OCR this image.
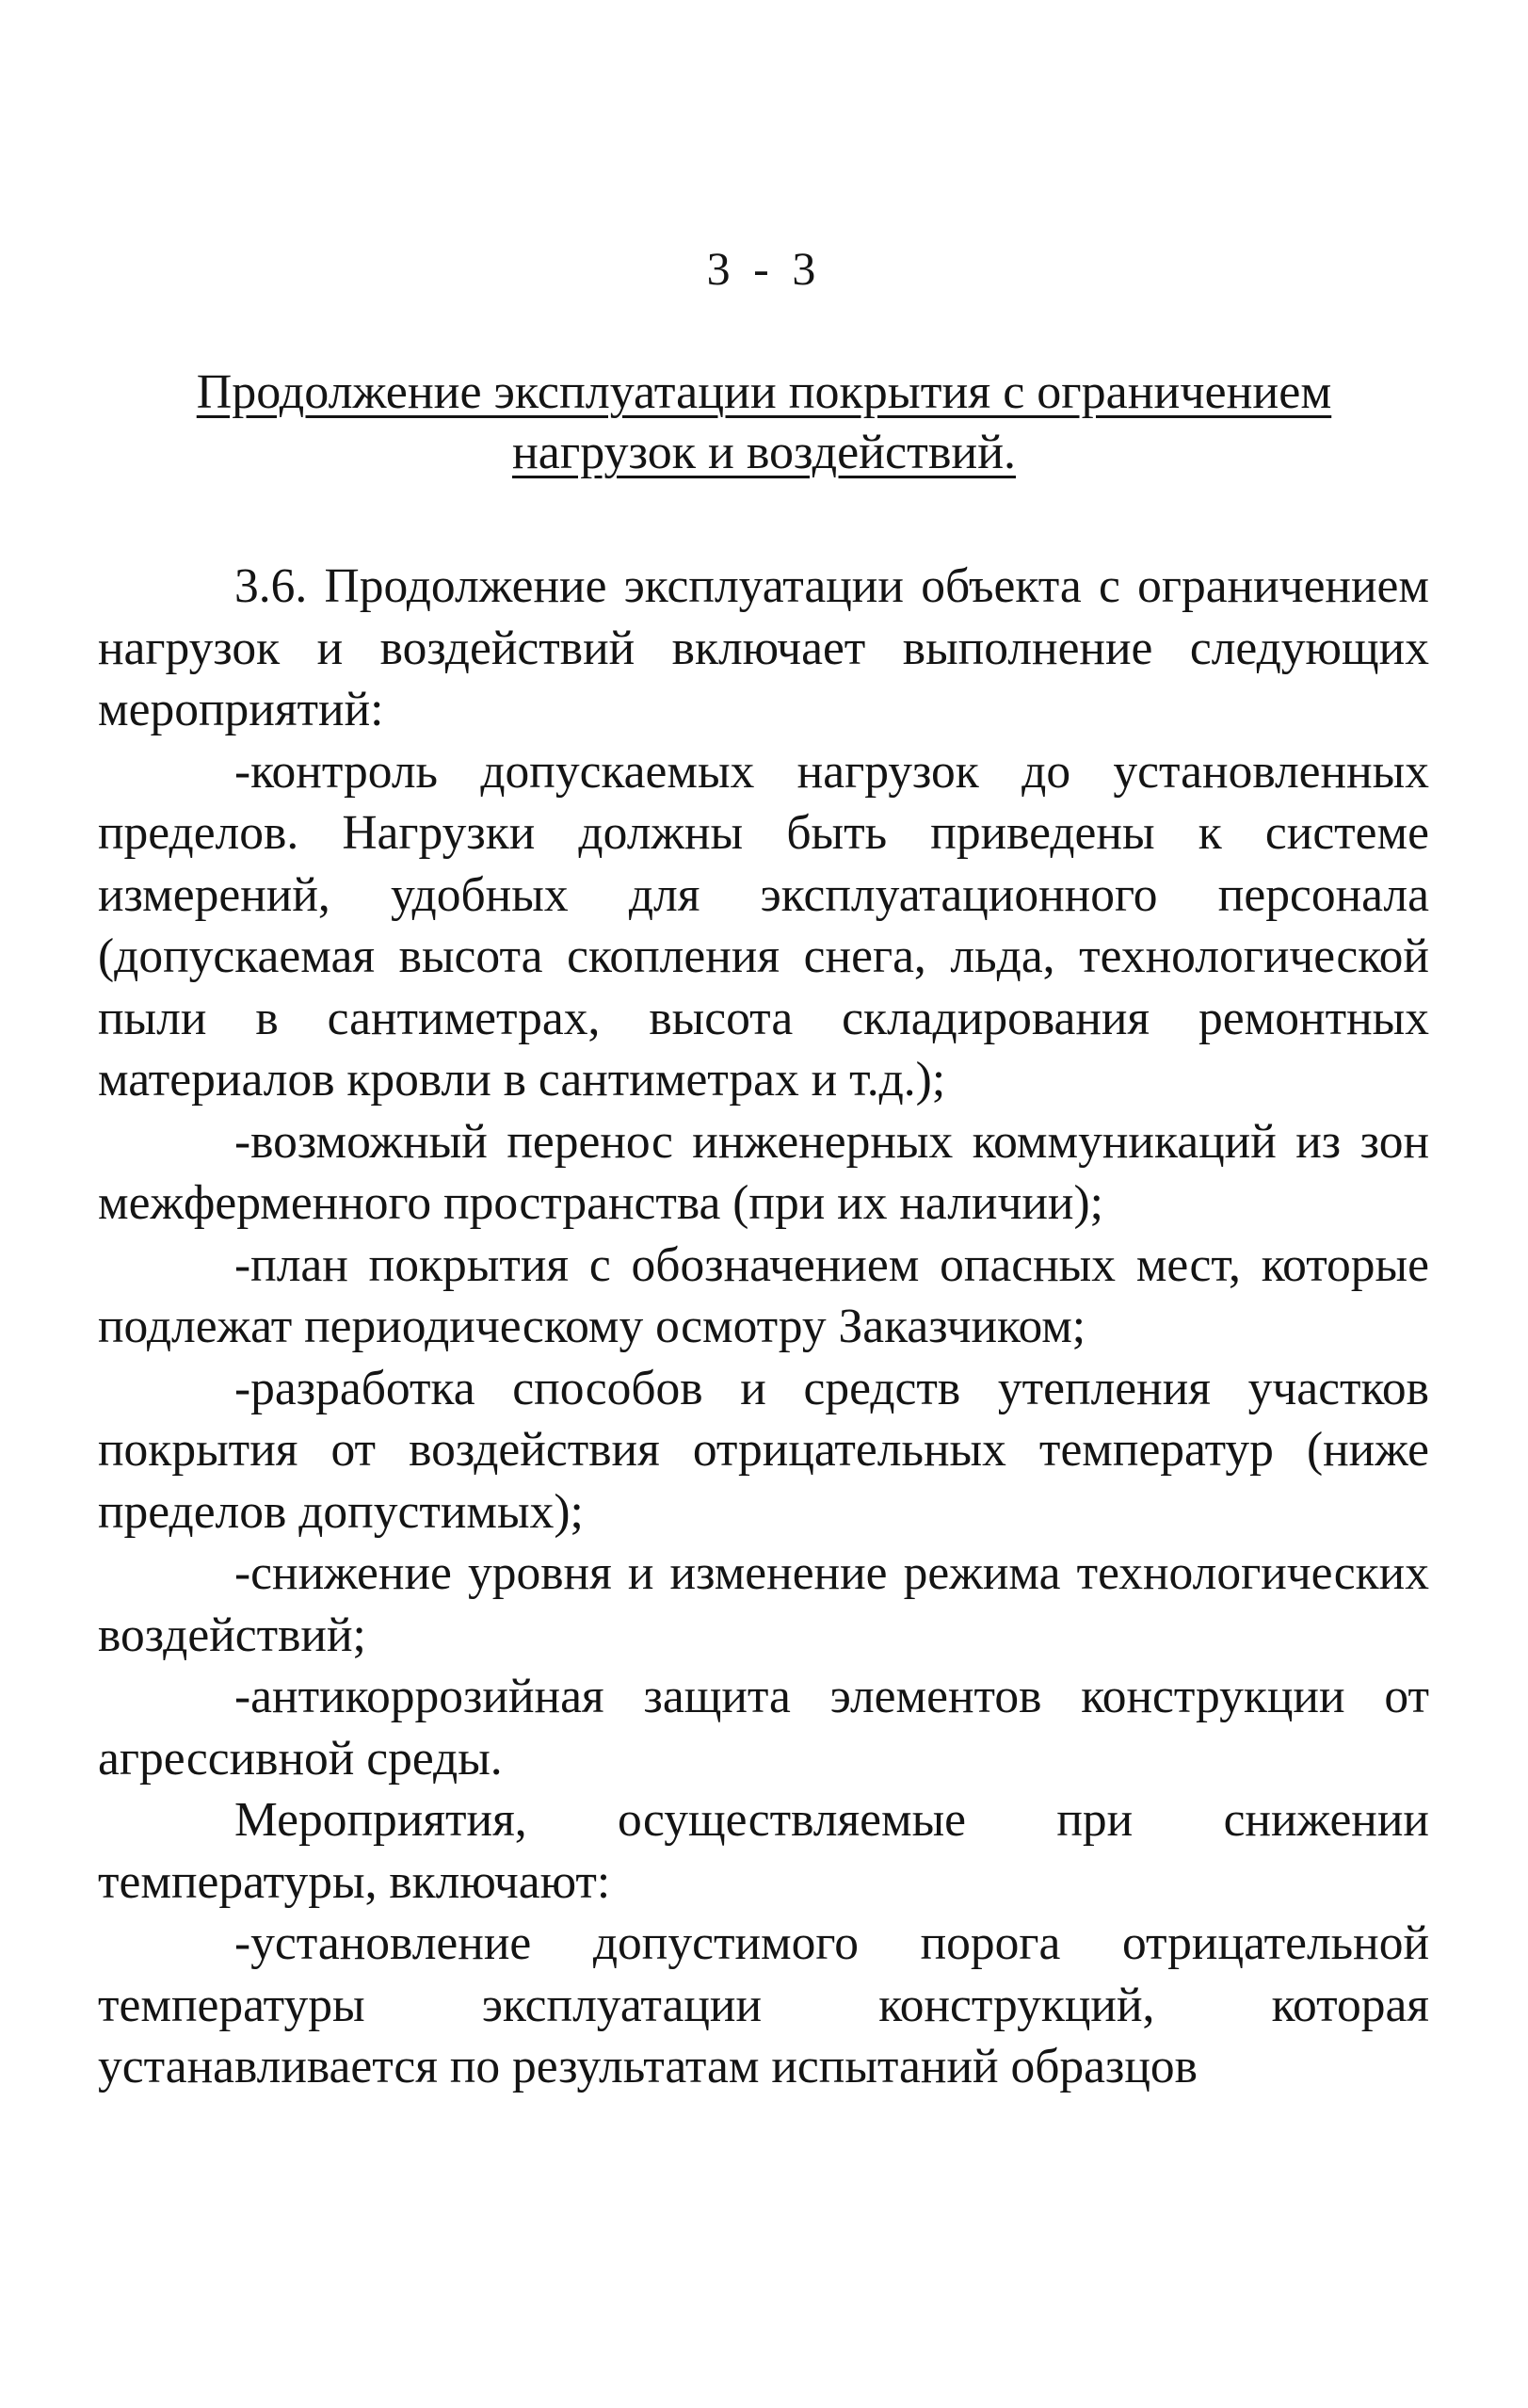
3 - 3
Продолжение эксплуатации покрытия с ограничением
нагрузок и воздействий.

3.6. Продолжение эксплуатации объекта с ограничением нагрузок и воздействий включает выполнение следующих мероприятий:

-контроль допускаемых нагрузок до установленных пределов. Нагрузки должны быть приведены к системе измерений, удобных для эксплуатационного персонала (допускаемая высота скопления снега, льда, технологической пыли в сантиметрах, высота складирования ремонтных материалов кровли в сантиметрах и т.д.);

-возможный перенос инженерных коммуникаций из зон межферменного пространства (при их наличии);

-план покрытия с обозначением опасных мест, которые подлежат периодическому осмотру Заказчиком;

-разработка способов и средств утепления участков покрытия от воздействия отрицательных температур (ниже пределов допустимых);

-снижение уровня и изменение режима технологических воздействий;

-антикоррозийная защита элементов конструкции от агрессивной среды.

Мероприятия, осуществляемые при снижении температуры, включают:

-установление допустимого порога отрицательной температуры эксплуатации конструкций, которая устанавливается по результатам испытаний образцов
